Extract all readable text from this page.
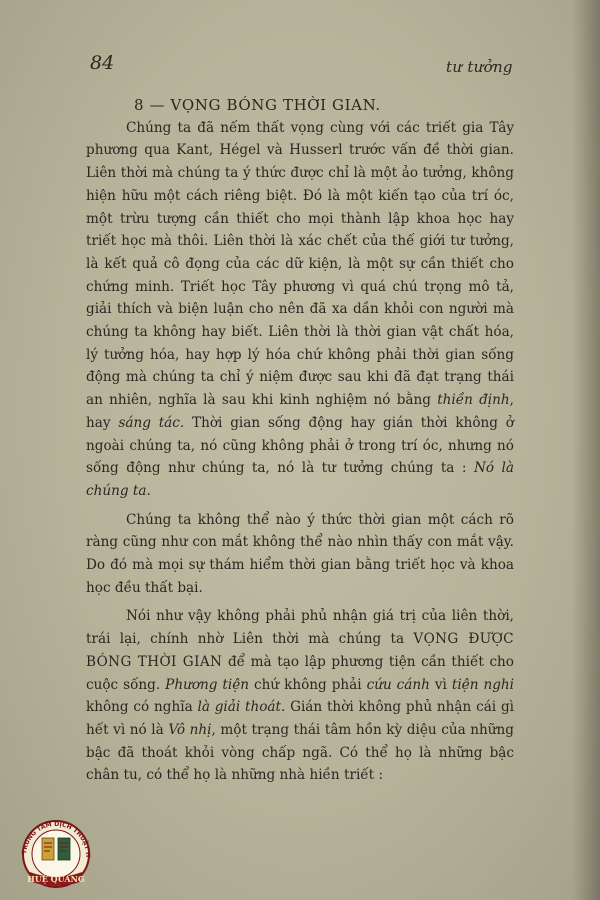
84	tư tưởng
8 — VỌNG BÓNG THỜI GIAN.

Chúng ta đã nếm thất vọng cùng với các triết gia Tây phương qua Kant, Hégel và Husserl trước vấn đề thời gian. Liên thời mà chúng ta ý thức được chỉ là một ảo tưởng, không hiện hữu một cách riêng biệt. Đó là một kiến tạo của trí óc, một trừu tượng cần thiết cho mọi thành lập khoa học hay triết học mà thôi. Liên thời là xác chết của thế giới tư tưởng, là kết quả cô đọng của các dữ kiện, là một sự cần thiết cho chứng minh. Triết học Tây phương vì quá chú trọng mô tả, giải thích và biện luận cho nên đã xa dần khỏi con người mà chúng ta không hay biết. Liên thời là thời gian vật chất hóa, lý tưởng hóa, hay hợp lý hóa chứ không phải thời gian sống động mà chúng ta chỉ ý niệm được sau khi đã đạt trạng thái an nhiên, nghĩa là sau khi kinh nghiệm nó bằng thiền định, hay sáng tác. Thời gian sống động hay gián thời không ở ngoài chúng ta, nó cũng không phải ở trong trí óc, nhưng nó sống động như chúng ta, nó là tư tưởng chúng ta : Nó là chúng ta.

Chúng ta không thể nào ý thức thời gian một cách rõ ràng cũng như con mắt không thể nào nhìn thấy con mắt vậy. Do đó mà mọi sự thám hiểm thời gian bằng triết học và khoa học đều thất bại.

Nói như vậy không phải phủ nhận giá trị của liên thời, trái lại, chính nhờ Liên thời mà chúng ta VỌNG ĐƯỢC BÓNG THỜI GIAN để mà tạo lập phương tiện cần thiết cho cuộc sống. Phương tiện chứ không phải cứu cánh vì tiện nghi không có nghĩa là giải thoát. Gián thời không phủ nhận cái gì hết vì nó là Vô nhị, một trạng thái tâm hồn kỳ diệu của những bậc đã thoát khỏi vòng chấp ngã. Có thể họ là những bậc chân tu, có thể họ là những nhà hiền triết :

TRUNG TÂM DỊCH THUẬT H
HUỆ QUANG
